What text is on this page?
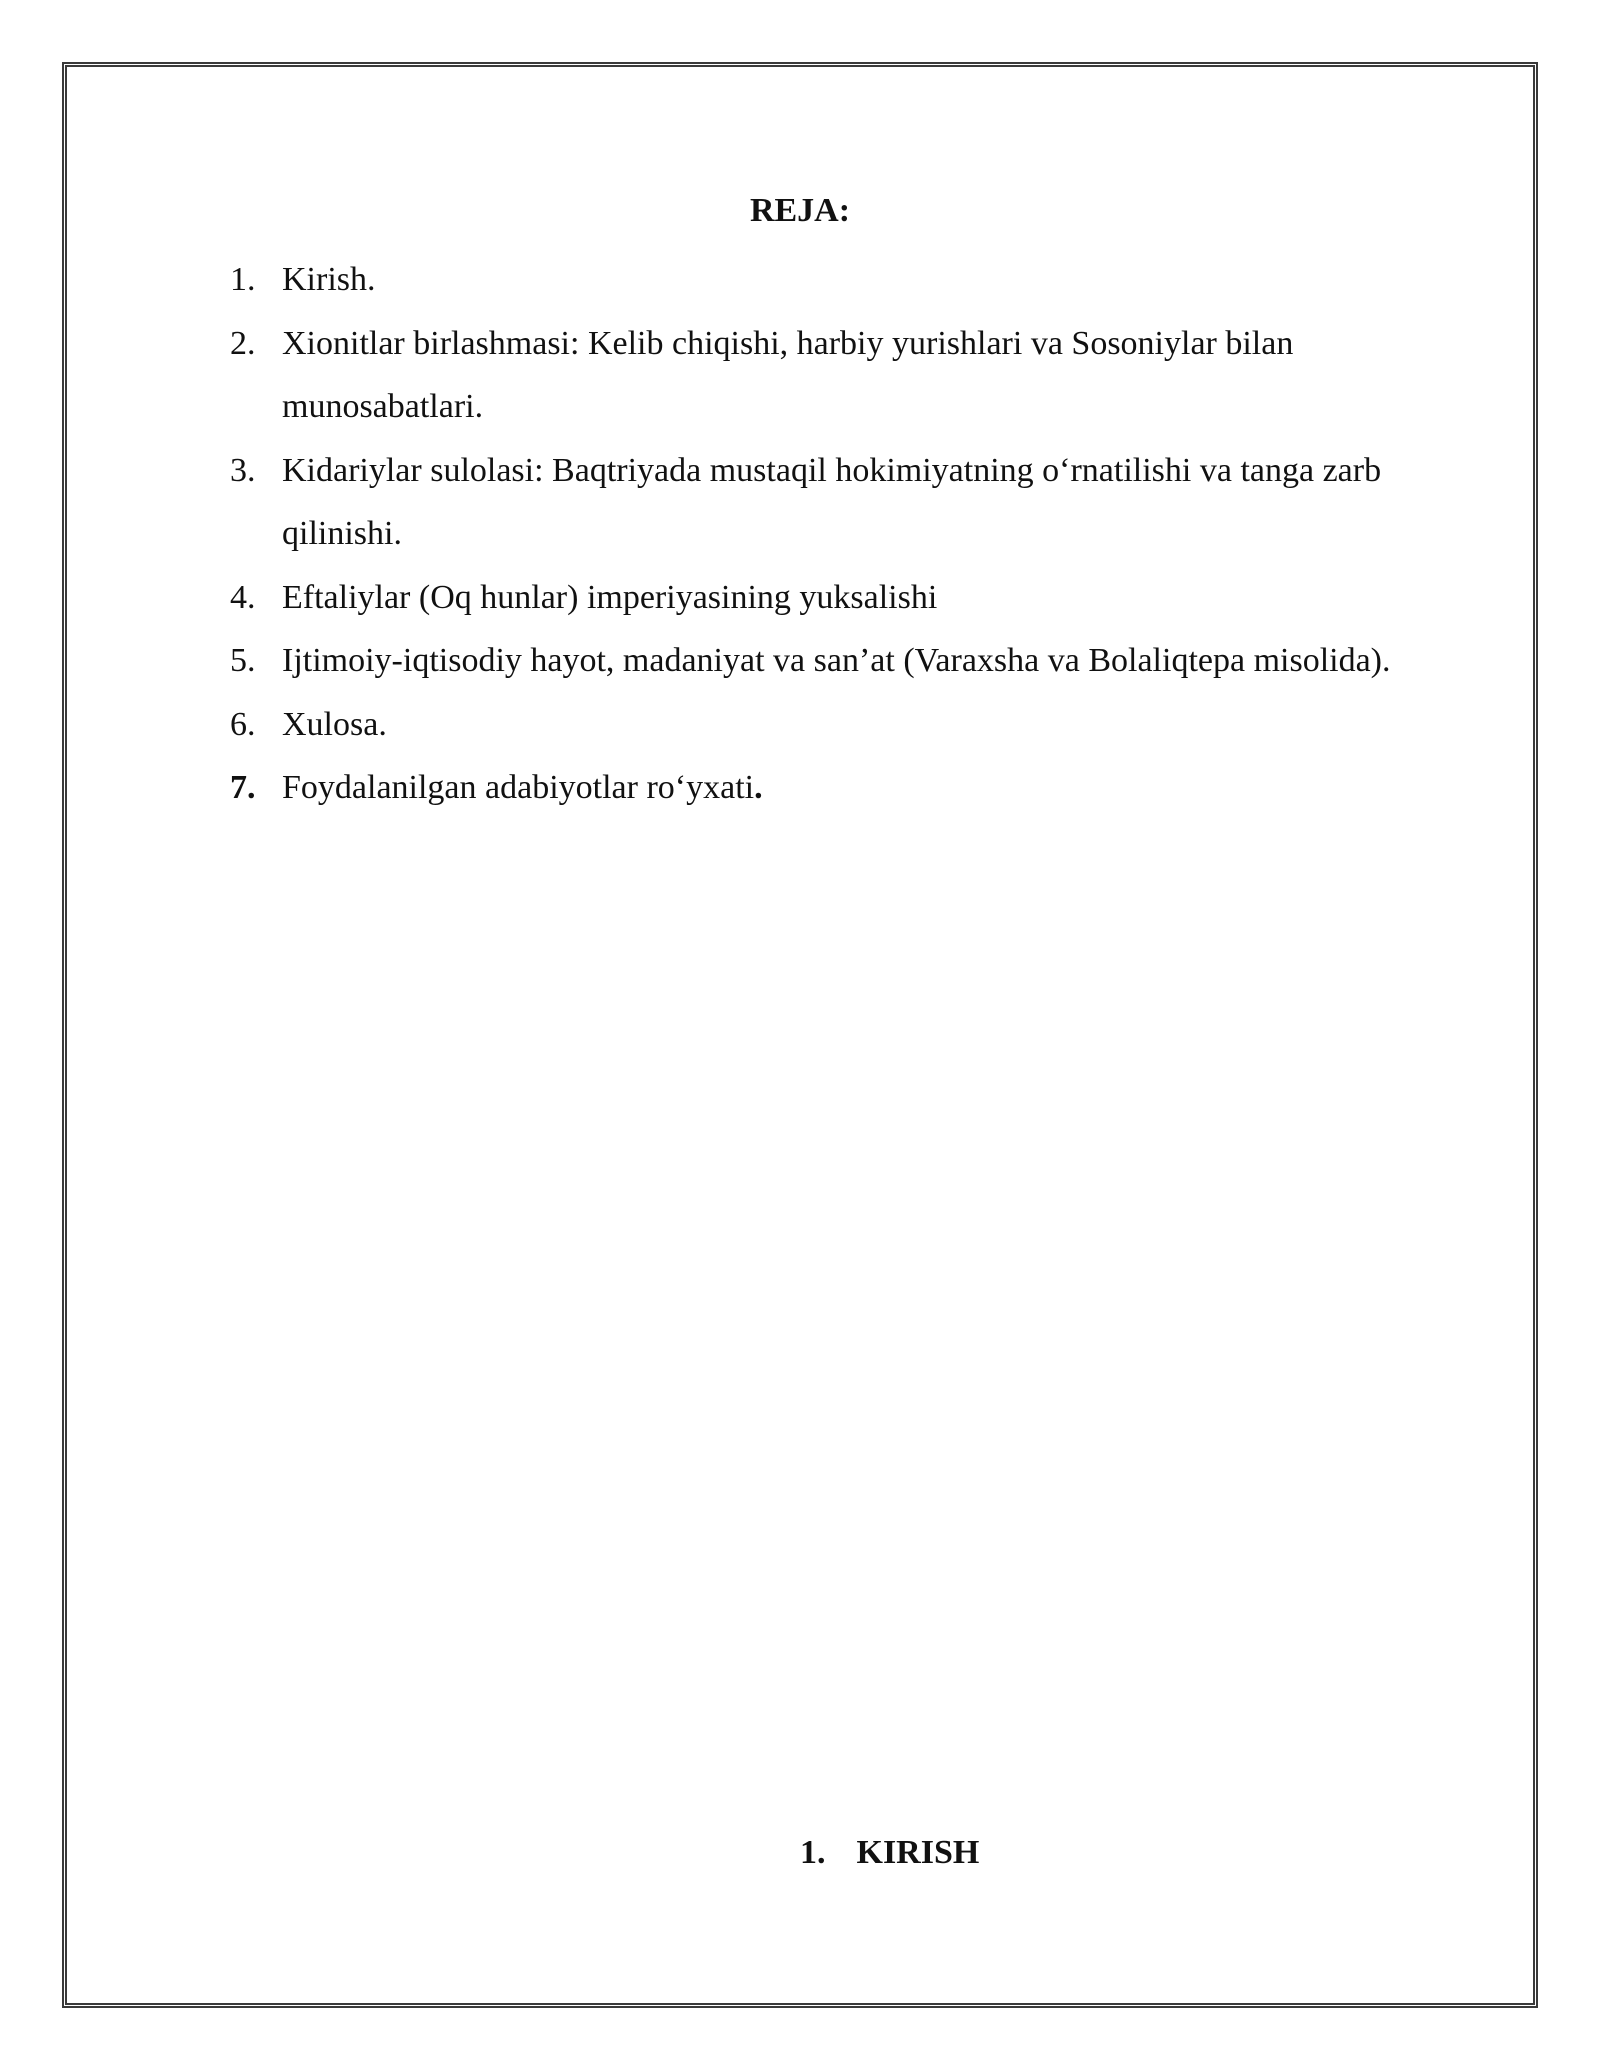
REJA:
1. Kirish.
2. Xionitlar birlashmasi: Kelib chiqishi, harbiy yurishlari va Sosoniylar bilan munosabatlari.
3. Kidariylar sulolasi: Baqtriyada mustaqil hokimiyatning o‘rnatilishi va tanga zarb qilinishi.
4. Eftaliylar (Oq hunlar) imperiyasining yuksalishi
5. Ijtimoiy-iqtisodiy hayot, madaniyat va san’at (Varaxsha va Bolaliqtepa misolida).
6. Xulosa.
7. Foydalanilgan adabiyotlar ro‘yxati.
1. KIRISH
